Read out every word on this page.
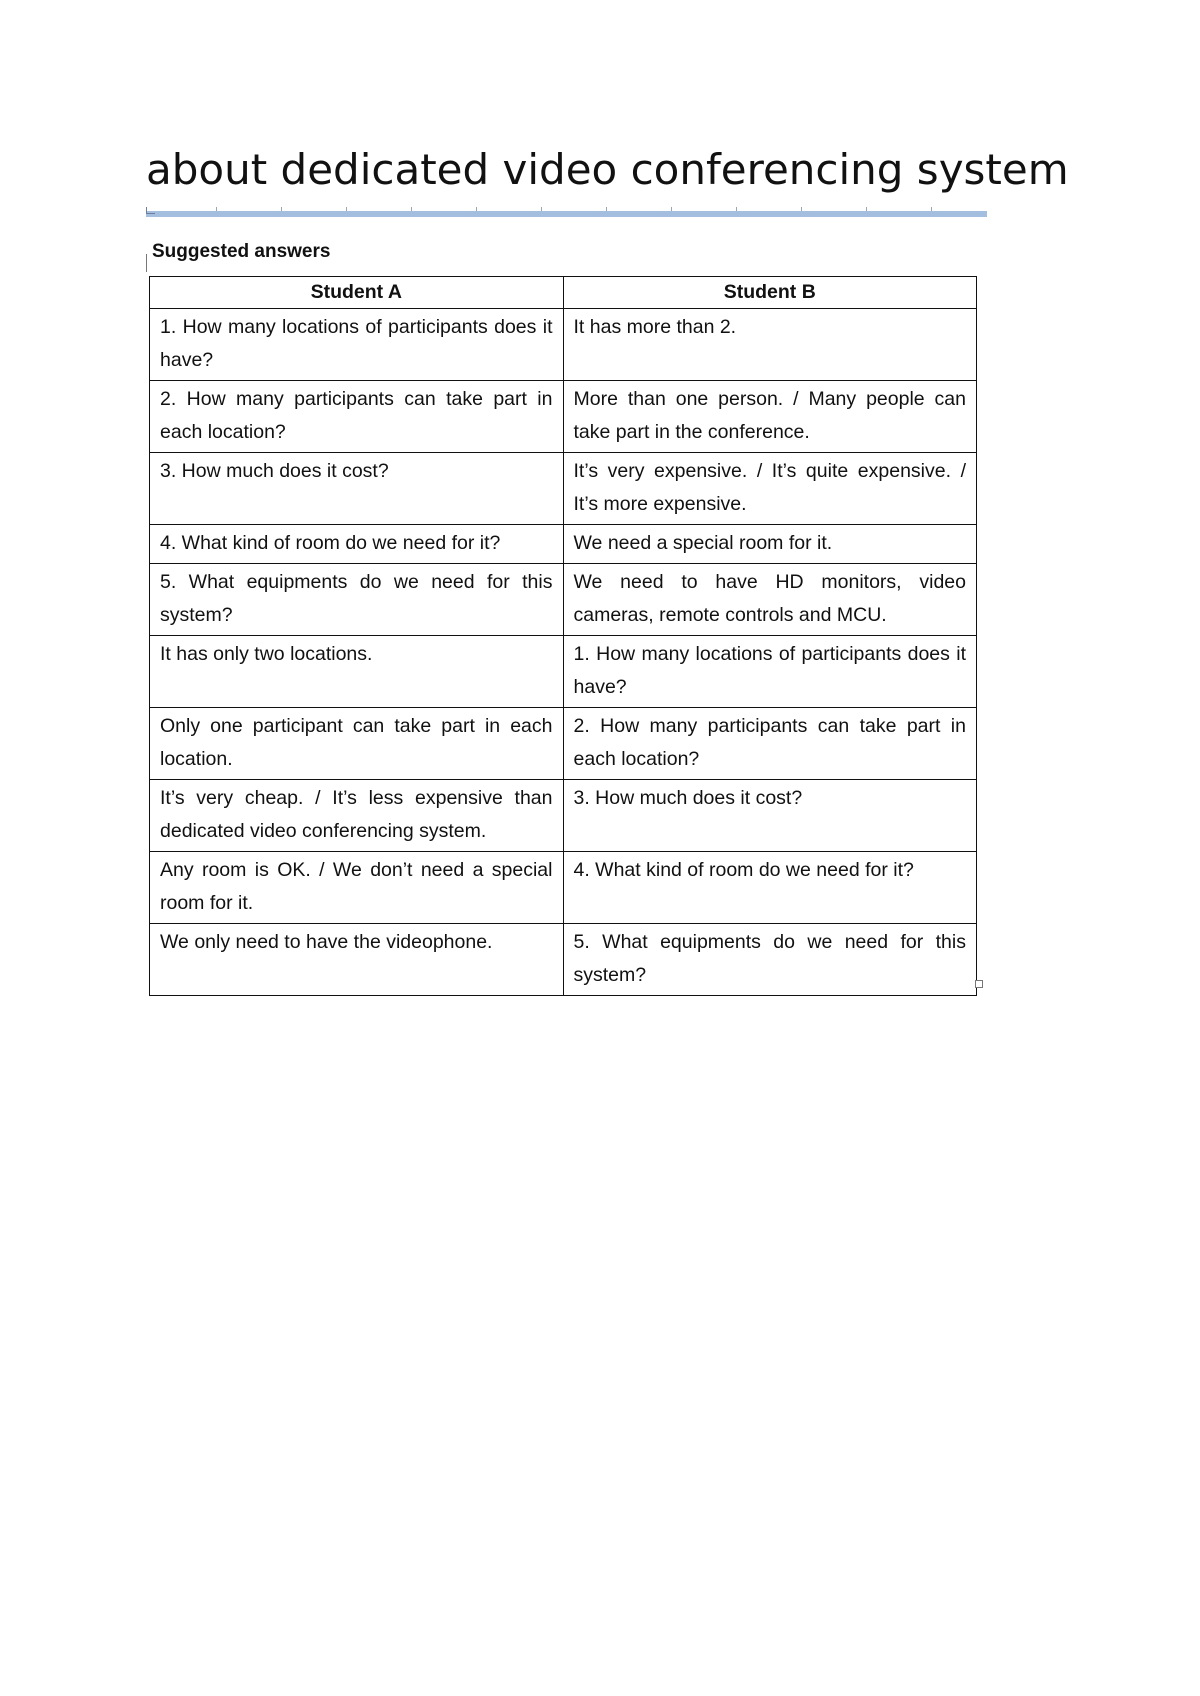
about dedicated video conferencing system

Suggested answers

Student A	Student B
1. How many locations of participants does it have?	It has more than 2.
2. How many participants can take part in each location?	More than one person. / Many people can take part in the conference.
3. How much does it cost?	It’s very expensive. / It’s quite expensive. / It’s more expensive.
4. What kind of room do we need for it?	We need a special room for it.
5. What equipments do we need for this system?	We need to have HD monitors, video cameras, remote controls and MCU.
It has only two locations.	1. How many locations of participants does it have?
Only one participant can take part in each location.	2. How many participants can take part in each location?
It’s very cheap. / It’s less expensive than dedicated video conferencing system.	3. How much does it cost?
Any room is OK. / We don’t need a special room for it.	4. What kind of room do we need for it?
We only need to have the videophone.	5. What equipments do we need for this system?
